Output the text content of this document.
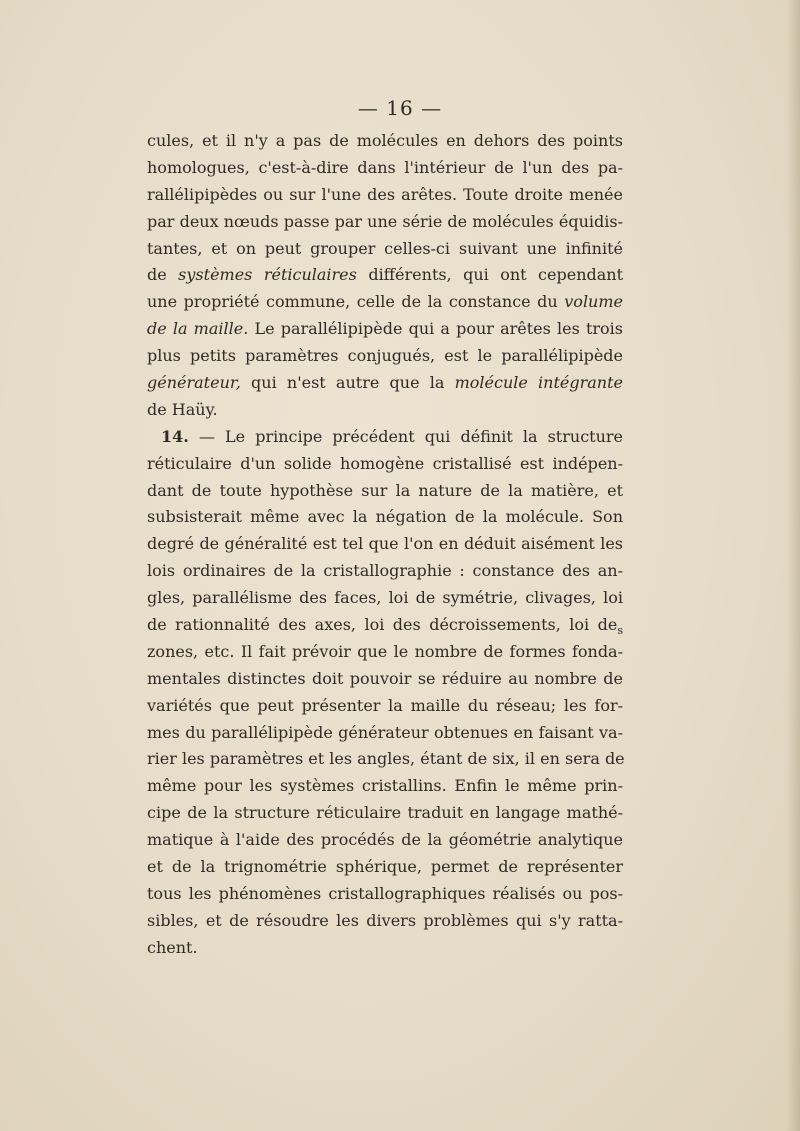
— 16 —
cules, et il n'y a pas de molécules en dehors des points
homologues, c'est-à-dire dans l'intérieur de l'un des pa-
rallélipipèdes ou sur l'une des arêtes. Toute droite menée
par deux nœuds passe par une série de molécules équidis-
tantes, et on peut grouper celles-ci suivant une infinité
de systèmes réticulaires différents, qui ont cependant
une propriété commune, celle de la constance du volume
de la maille. Le parallélipipède qui a pour arêtes les trois
plus petits paramètres conjugués, est le parallélipipède
générateur, qui n'est autre que la molécule intégrante
de Haüy.
14. — Le principe précédent qui définit la structure
réticulaire d'un solide homogène cristallisé est indépen-
dant de toute hypothèse sur la nature de la matière, et
subsisterait même avec la négation de la molécule. Son
degré de généralité est tel que l'on en déduit aisément les
lois ordinaires de la cristallographie : constance des an-
gles, parallélisme des faces, loi de symétrie, clivages, loi
de rationnalité des axes, loi des décroissements, loi $de_s$
zones, etc. Il fait prévoir que le nombre de formes fonda-
mentales distinctes doit pouvoir se réduire au nombre de
variétés que peut présenter la maille du réseau; les for-
mes du parallélipipède générateur obtenues en faisant va-
rier les paramètres et les angles, étant de six, il en sera de
même pour les systèmes cristallins. Enfin le même prin-
cipe de la structure réticulaire traduit en langage mathé-
matique à l'aide des procédés de la géométrie analytique
et de la trignométrie sphérique, permet de représenter
tous les phénomènes cristallographiques réalisés ou pos-
sibles, et de résoudre les divers problèmes qui s'y ratta-
chent.
